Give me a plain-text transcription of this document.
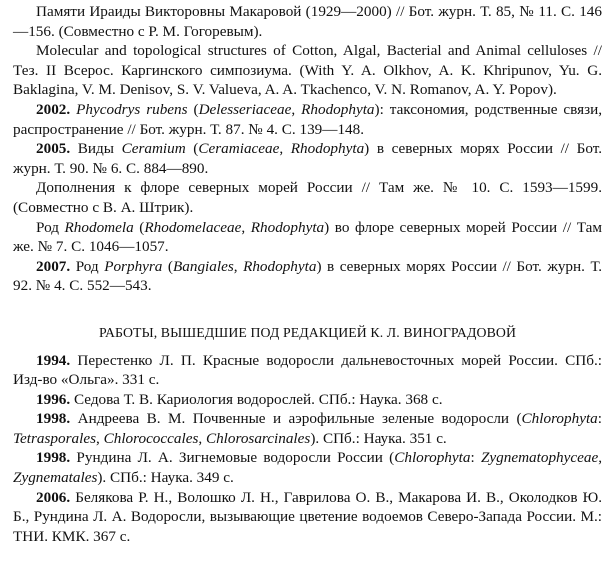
Памяти Ираиды Викторовны Макаровой (1929—2000) // Бот. журн. Т. 85, № 11. С. 146—156. (Совместно с Р. М. Гогоревым).

Molecular and topological structures of Cotton, Algal, Bacterial and Animal celluloses // Тез. II Всерос. Каргинского симпозиума. (With Y. A. Olkhov, A. K. Khripunov, Yu. G. Baklagina, V. M. Denisov, S. V. Valueva, A. A. Tkachenco, V. N. Romanov, A. Y. Popov).

2002. Phycodrys rubens (Delesseriaceae, Rhodophyta): таксономия, родственные связи, распространение // Бот. журн. Т. 87. № 4. С. 139—148.

2005. Виды Ceramium (Ceramiaceae, Rhodophyta) в северных морях России // Бот. журн. Т. 90. № 6. С. 884—890.

Дополнения к флоре северных морей России // Там же. № 10. С. 1593—1599. (Совместно с В. А. Штрик).

Род Rhodomela (Rhodomelaceae, Rhodophyta) во флоре северных морей России // Там же. № 7. С. 1046—1057.

2007. Род Porphyra (Bangiales, Rhodophyta) в северных морях России // Бот. журн. Т. 92. № 4. С. 552—543.

РАБОТЫ, ВЫШЕДШИЕ ПОД РЕДАКЦИЕЙ К. Л. ВИНОГРАДОВОЙ

1994. Перестенко Л. П. Красные водоросли дальневосточных морей России. СПб.: Изд-во «Ольга». 331 с.

1996. Седова Т. В. Кариология водорослей. СПб.: Наука. 368 с.

1998. Андреева В. М. Почвенные и аэрофильные зеленые водоросли (Chlorophyta: Tetrasporales, Chlorococcales, Chlorosarcinales). СПб.: Наука. 351 с.

1998. Рундина Л. А. Зигнемовые водоросли России (Chlorophyta: Zygnematophyceae, Zygnematales). СПб.: Наука. 349 с.

2006. Белякова Р. Н., Волошко Л. Н., Гаврилова О. В., Макарова И. В., Околодков Ю. Б., Рундина Л. А. Водоросли, вызывающие цветение водоемов Северо-Запада России. М.: ТНИ. КМК. 367 с.
